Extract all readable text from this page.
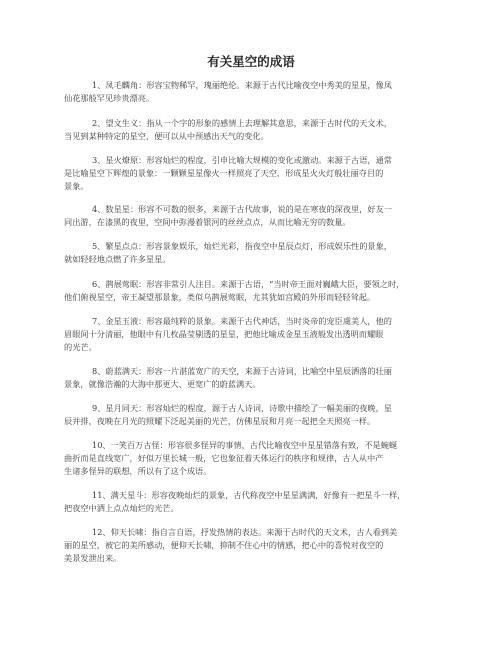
有关星空的成语
1、凤毛麟角：形容宝物稀罕，瑰丽绝伦。来源于古代比喻夜空中秀美的星星，像凤
仙花那般罕见珍贵漂亮。
2、望文生义：指从一个字的形象的感情上去理解其意思，来源于古时代的天文术，
当见到某种特定的星空，便可以从中预感出天气的变化。
3、星火燎原：形容灿烂的程度，引申比喻大规模的变化或激动。来源于古语，通常
是比喻星空下辉煌的景象：一颗颗星星像火一样照亮了天空，形成星火火灯般壮丽夺目的
景象。
4、数星星：形容不可数的很多，来源于古代故事，说的是在寒夜的深夜里，好友一
同出游，在漆黑的夜里，空间中弥漫着银河的丝丝点点，从而比喻无穷的数量。
5、繁星点点：形容景象娱乐，灿烂光彩，指夜空中星辰点灯，形成娱乐性的景象，
就如轻轻地点燃了许多星星。
6、鹊展莺眠：形容非常引人注目。来源于古语，“当时帝王面对巍峨大臣，要领之时，
他们俯视星空，帝王凝望那景象，类似乌鹊展莺眠，尤其犹如宫殿的外形而轻轻耸起。
7、金星玉液：形容最纯粹的景象。来源于古代神话，当时炎帝的宠臣虞美人，他的
眉眼间十分清丽，他眼中有几枚晶莹剔透的星星，把他比喻成金星玉液般发出透明而耀眼
的光芒。
8、蔚蓝满天：形容一片湛蓝宽广的天空，来源于古诗词，比喻空中星辰洒落的壮丽
景象，就像浩瀚的大海中那更大、更宽广的蔚蓝满天。
9、星月同天：形容灿烂的程度，源于古人诗词，诗歌中描绘了一幅美丽的夜晚，星
辰并排，夜晚在月光的照耀下泛起美丽的光芒，仿佛星辰和月亮一起把全天照亮一样。
10、一笑百万古怪：形容很多怪异的事情，古代比喻夜空中星星错落有致，不是蜿蜒
曲折而是直线宽广，好似万里长城一般，它也象征着天体运行的秩序和规律，古人从中产
生诸多怪异的联想，所以有了这个成语。
11、满天星斗：形容夜晚灿烂的景象，古代称夜空中星星满满，好像有一把星斗一样，
把夜空中洒上点点灿烂的光芒。
12、仰天长啸：指自言自语，抒发热情的表达。来源于古时代的天文术，古人看到美
丽的星空，被它的美所感动，便仰天长啸，抑制不住心中的情感，把心中的喜悦对夜空的
美景发泄出来。
